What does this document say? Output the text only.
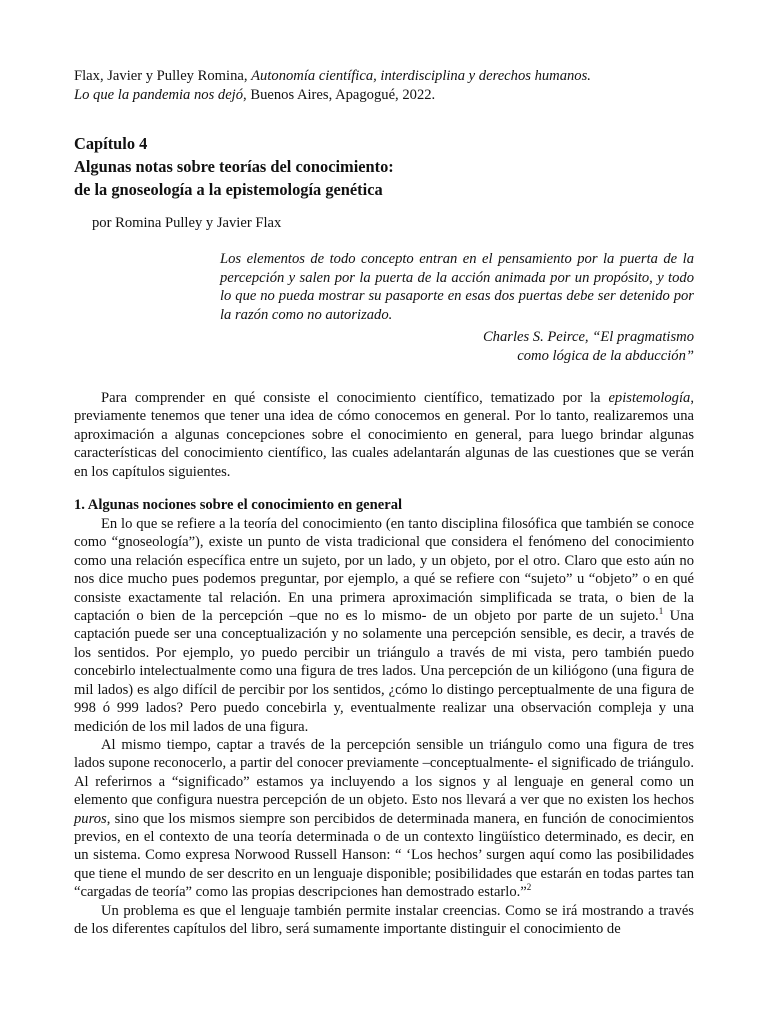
Flax, Javier y Pulley Romina, Autonomía científica, interdisciplina y derechos humanos.
Lo que la pandemia nos dejó, Buenos Aires, Apagogué, 2022.

Capítulo 4
Algunas notas sobre teorías del conocimiento:
de la gnoseología a la epistemología genética
por Romina Pulley y Javier Flax
Los elementos de todo concepto entran en el pensamiento por la puerta de la percepción y salen por la puerta de la acción animada por un propósito, y todo lo que no pueda mostrar su pasaporte en esas dos puertas debe ser detenido por la razón como no autorizado.
Charles S. Peirce, “El pragmatismo
como lógica de la abducción”

Para comprender en qué consiste el conocimiento científico, tematizado por la epistemología, previamente tenemos que tener una idea de cómo conocemos en general. Por lo tanto, realizaremos una aproximación a algunas concepciones sobre el conocimiento en general, para luego brindar algunas características del conocimiento científico, las cuales adelantarán algunas de las cuestiones que se verán en los capítulos siguientes.

1. Algunas nociones sobre el conocimiento en general

En lo que se refiere a la teoría del conocimiento (en tanto disciplina filosófica que también se conoce como “gnoseología”), existe un punto de vista tradicional que considera el fenómeno del conocimiento como una relación específica entre un sujeto, por un lado, y un objeto, por el otro. Claro que esto aún no nos dice mucho pues podemos preguntar, por ejemplo, a qué se refiere con “sujeto” u “objeto” o en qué consiste exactamente tal relación. En una primera aproximación simplificada se trata, o bien de la captación o bien de la percepción –que no es lo mismo- de un objeto por parte de un sujeto.$^1$ Una captación puede ser una conceptualización y no solamente una percepción sensible, es decir, a través de los sentidos. Por ejemplo, yo puedo percibir un triángulo a través de mi vista, pero también puedo concebirlo intelectualmente como una figura de tres lados. Una percepción de un kiliógono (una figura de mil lados) es algo difícil de percibir por los sentidos, ¿cómo lo distingo perceptualmente de una figura de 998 ó 999 lados? Pero puedo concebirla y, eventualmente realizar una observación compleja y una medición de los mil lados de una figura.

Al mismo tiempo, captar a través de la percepción sensible un triángulo como una figura de tres lados supone reconocerlo, a partir del conocer previamente –conceptualmente- el significado de triángulo. Al referirnos a “significado” estamos ya incluyendo a los signos y al lenguaje en general como un elemento que configura nuestra percepción de un objeto. Esto nos llevará a ver que no existen los hechos puros, sino que los mismos siempre son percibidos de determinada manera, en función de conocimientos previos, en el contexto de una teoría determinada o de un contexto lingüístico determinado, es decir, en un sistema. Como expresa Norwood Russell Hanson: “ ‘Los hechos’ surgen aquí como las posibilidades que tiene el mundo de ser descrito en un lenguaje disponible; posibilidades que estarán en todas partes tan “cargadas de teoría” como las propias descripciones han demostrado estarlo.”$^2$

Un problema es que el lenguaje también permite instalar creencias. Como se irá mostrando a través de los diferentes capítulos del libro, será sumamente importante distinguir el conocimiento de
